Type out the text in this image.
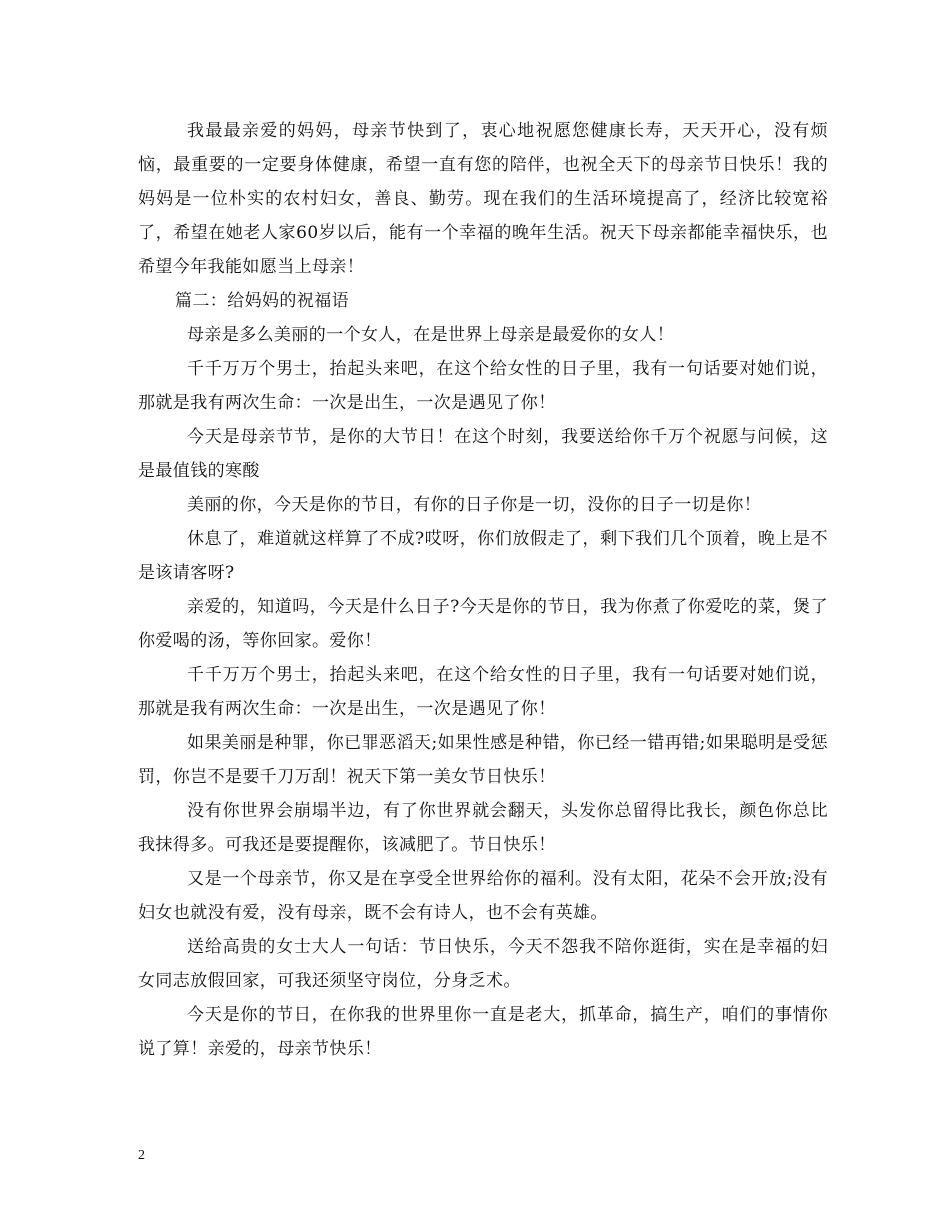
我最最亲爱的妈妈，母亲节快到了，衷心地祝愿您健康长寿，天天开心，没有烦恼，最重要的一定要身体健康，希望一直有您的陪伴，也祝全天下的母亲节日快乐！我的妈妈是一位朴实的农村妇女，善良、勤劳。现在我们的生活环境提高了，经济比较宽裕了，希望在她老人家60岁以后，能有一个幸福的晚年生活。祝天下母亲都能幸福快乐，也希望今年我能如愿当上母亲！

篇二：给妈妈的祝福语

母亲是多么美丽的一个女人，在是世界上母亲是最爱你的女人！

千千万万个男士，抬起头来吧，在这个给女性的日子里，我有一句话要对她们说，那就是我有两次生命：一次是出生，一次是遇见了你！

今天是母亲节节，是你的大节日！在这个时刻，我要送给你千万个祝愿与问候，这是最值钱的寒酸

美丽的你，今天是你的节日，有你的日子你是一切，没你的日子一切是你！

休息了，难道就这样算了不成?哎呀，你们放假走了，剩下我们几个顶着，晚上是不是该请客呀?

亲爱的，知道吗，今天是什么日子?今天是你的节日，我为你煮了你爱吃的菜，煲了你爱喝的汤，等你回家。爱你！

千千万万个男士，抬起头来吧，在这个给女性的日子里，我有一句话要对她们说，那就是我有两次生命：一次是出生，一次是遇见了你！

如果美丽是种罪，你已罪恶滔天;如果性感是种错，你已经一错再错;如果聪明是受惩罚，你岂不是要千刀万刮！祝天下第一美女节日快乐！

没有你世界会崩塌半边，有了你世界就会翻天，头发你总留得比我长，颜色你总比我抹得多。可我还是要提醒你，该减肥了。节日快乐！

又是一个母亲节，你又是在享受全世界给你的福利。没有太阳，花朵不会开放;没有妇女也就没有爱，没有母亲，既不会有诗人，也不会有英雄。

送给高贵的女士大人一句话：节日快乐，今天不怨我不陪你逛街，实在是幸福的妇女同志放假回家，可我还须坚守岗位，分身乏术。

今天是你的节日，在你我的世界里你一直是老大，抓革命，搞生产，咱们的事情你说了算！亲爱的，母亲节快乐！

2
